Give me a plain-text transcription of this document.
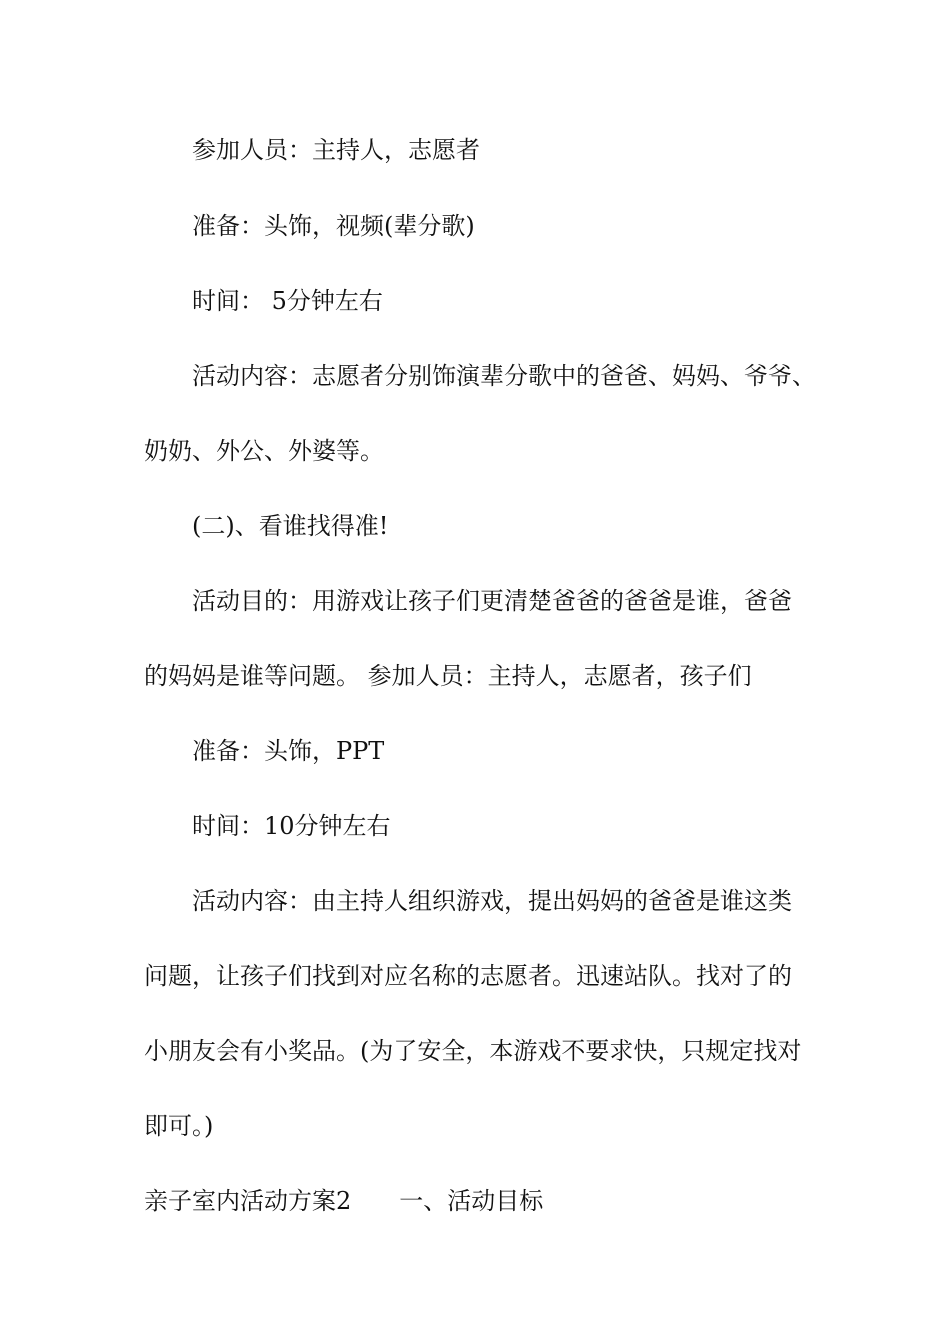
参加人员：主持人，志愿者
准备：头饰，视频(辈分歌)
时间： 5分钟左右
活动内容：志愿者分别饰演辈分歌中的爸爸、妈妈、爷爷、
奶奶、外公、外婆等。
(二)、看谁找得准!
活动目的：用游戏让孩子们更清楚爸爸的爸爸是谁，爸爸
的妈妈是谁等问题。 参加人员：主持人，志愿者，孩子们
准备：头饰，PPT
时间：10分钟左右
活动内容：由主持人组织游戏，提出妈妈的爸爸是谁这类
问题，让孩子们找到对应名称的志愿者。迅速站队。找对了的
小朋友会有小奖品。(为了安全，本游戏不要求快，只规定找对
即可。)
亲子室内活动方案2　　一、活动目标
